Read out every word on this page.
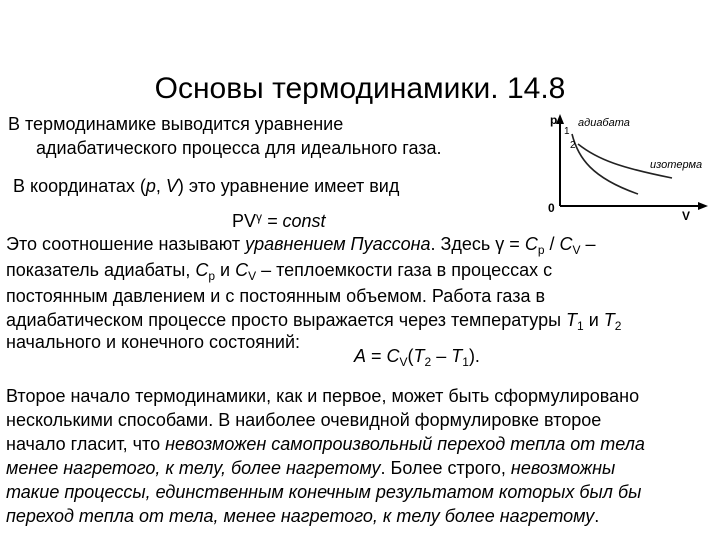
Основы термодинамики. 14.8
В термодинамике выводится уравнение
адиабатического процесса для идеального газа.
В координатах (p, V) это уравнение имеет вид
$PV^\gamma$ = const
Это соотношение называют уравнением Пуассона. Здесь $\gamma = C_p / C_V$ –
показатель адиабаты, $C_p$ и $C_V$ – теплоемкости газа в процессах с
постоянным давлением и с постоянным объемом. Работа газа в
адиабатическом процессе просто выражается через температуры $T_1$ и $T_2$
начального и конечного состояний:
$A = C_V(T_2 - T_1)$.
Второе начало термодинамики, как и первое, может быть сформулировано
несколькими способами. В наиболее очевидной формулировке второе
начало гласит, что невозможен самопроизвольный переход тепла от тела
менее нагретого, к телу, более нагретому. Более строго, невозможны
такие процессы, единственным конечным результатом которых был бы
переход тепла от тела, менее нагретого, к телу более нагретому.
p
V
0
1
2
адиабата
изотерма
